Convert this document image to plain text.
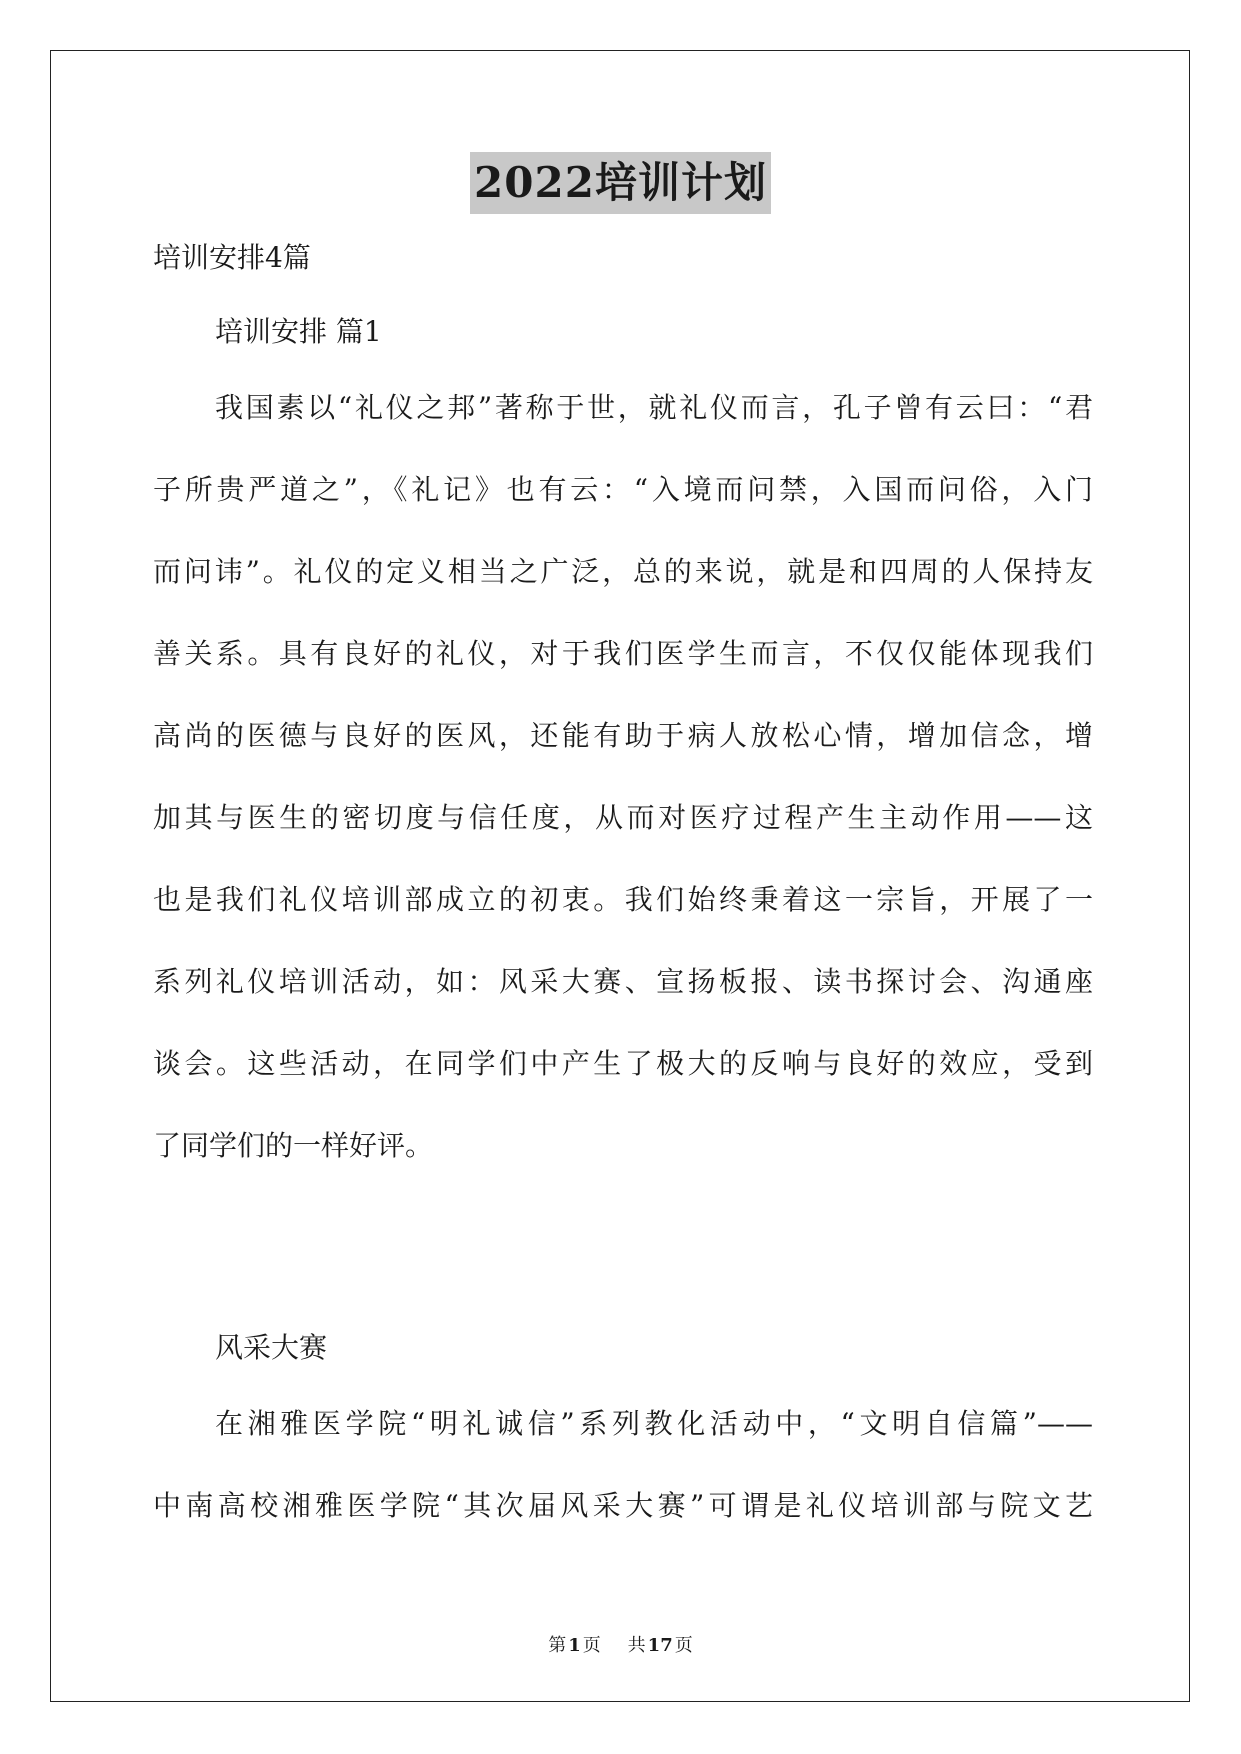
2022培训计划
培训安排4篇
培训安排 篇1
我国素以“礼仪之邦”著称于世，就礼仪而言，孔子曾有云曰：“君
子所贵严道之”，《礼记》也有云：“入境而问禁，入国而问俗，入门
而问讳”。礼仪的定义相当之广泛，总的来说，就是和四周的人保持友
善关系。具有良好的礼仪，对于我们医学生而言，不仅仅能体现我们
高尚的医德与良好的医风，还能有助于病人放松心情，增加信念，增
加其与医生的密切度与信任度，从而对医疗过程产生主动作用——这
也是我们礼仪培训部成立的初衷。我们始终秉着这一宗旨，开展了一
系列礼仪培训活动，如：风采大赛、宣扬板报、读书探讨会、沟通座
谈会。这些活动，在同学们中产生了极大的反响与良好的效应，受到
了同学们的一样好评。
风采大赛
在湘雅医学院“明礼诚信”系列教化活动中，“文明自信篇”——
中南高校湘雅医学院“其次届风采大赛”可谓是礼仪培训部与院文艺
第 1 页 共 17 页
